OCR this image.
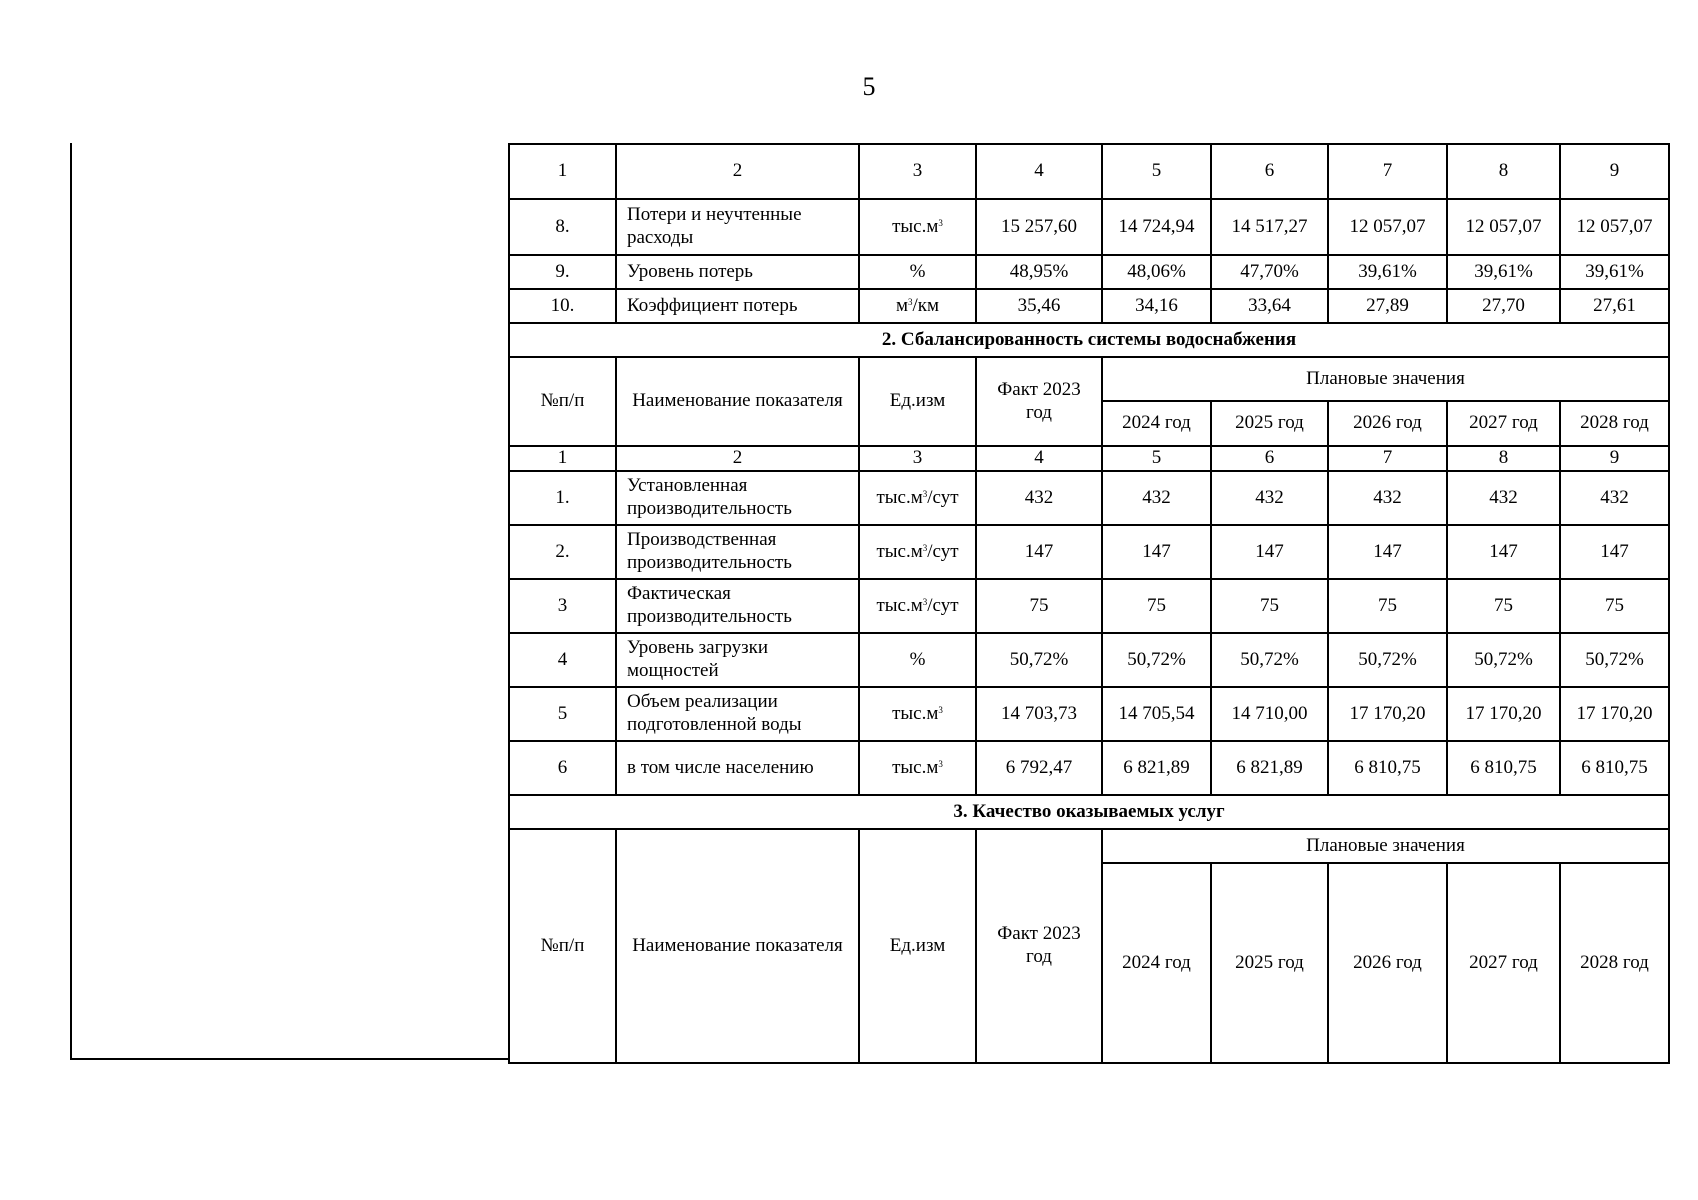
5
1	2	3	4	5	6	7	8	9
8.	Потери и неучтенные расходы	$тыс.м^3$	15 257,60	14 724,94	14 517,27	12 057,07	12 057,07	12 057,07
9.	Уровень потерь	%	48,95%	48,06%	47,70%	39,61%	39,61%	39,61%
10.	Коэффициент потерь	$м^3/км$	35,46	34,16	33,64	27,89	27,70	27,61
2. Сбалансированность системы водоснабжения								
№п/п	Наименование показателя	Ед.изм	Факт 2023 год	Плановые значения				
				2024 год	2025 год	2026 год	2027 год	2028 год
1	2	3	4	5	6	7	8	9
1.	Установленная производительность	$тыс.м^3$/сут	432	432	432	432	432	432
2.	Производственная производительность	$тыс.м^3$/сут	147	147	147	147	147	147
3	Фактическая производительность	$тыс.м^3$/сут	75	75	75	75	75	75
4	Уровень загрузки мощностей	%	50,72%	50,72%	50,72%	50,72%	50,72%	50,72%
5	Объем реализации подготовленной воды	$тыс.м^3$	14 703,73	14 705,54	14 710,00	17 170,20	17 170,20	17 170,20
6	в том числе населению	$тыс.м^3$	6 792,47	6 821,89	6 821,89	6 810,75	6 810,75	6 810,75
3. Качество оказываемых услуг								
№п/п	Наименование показателя	Ед.изм	Факт 2023 год	Плановые значения				
				2024 год	2025 год	2026 год	2027 год	2028 год
